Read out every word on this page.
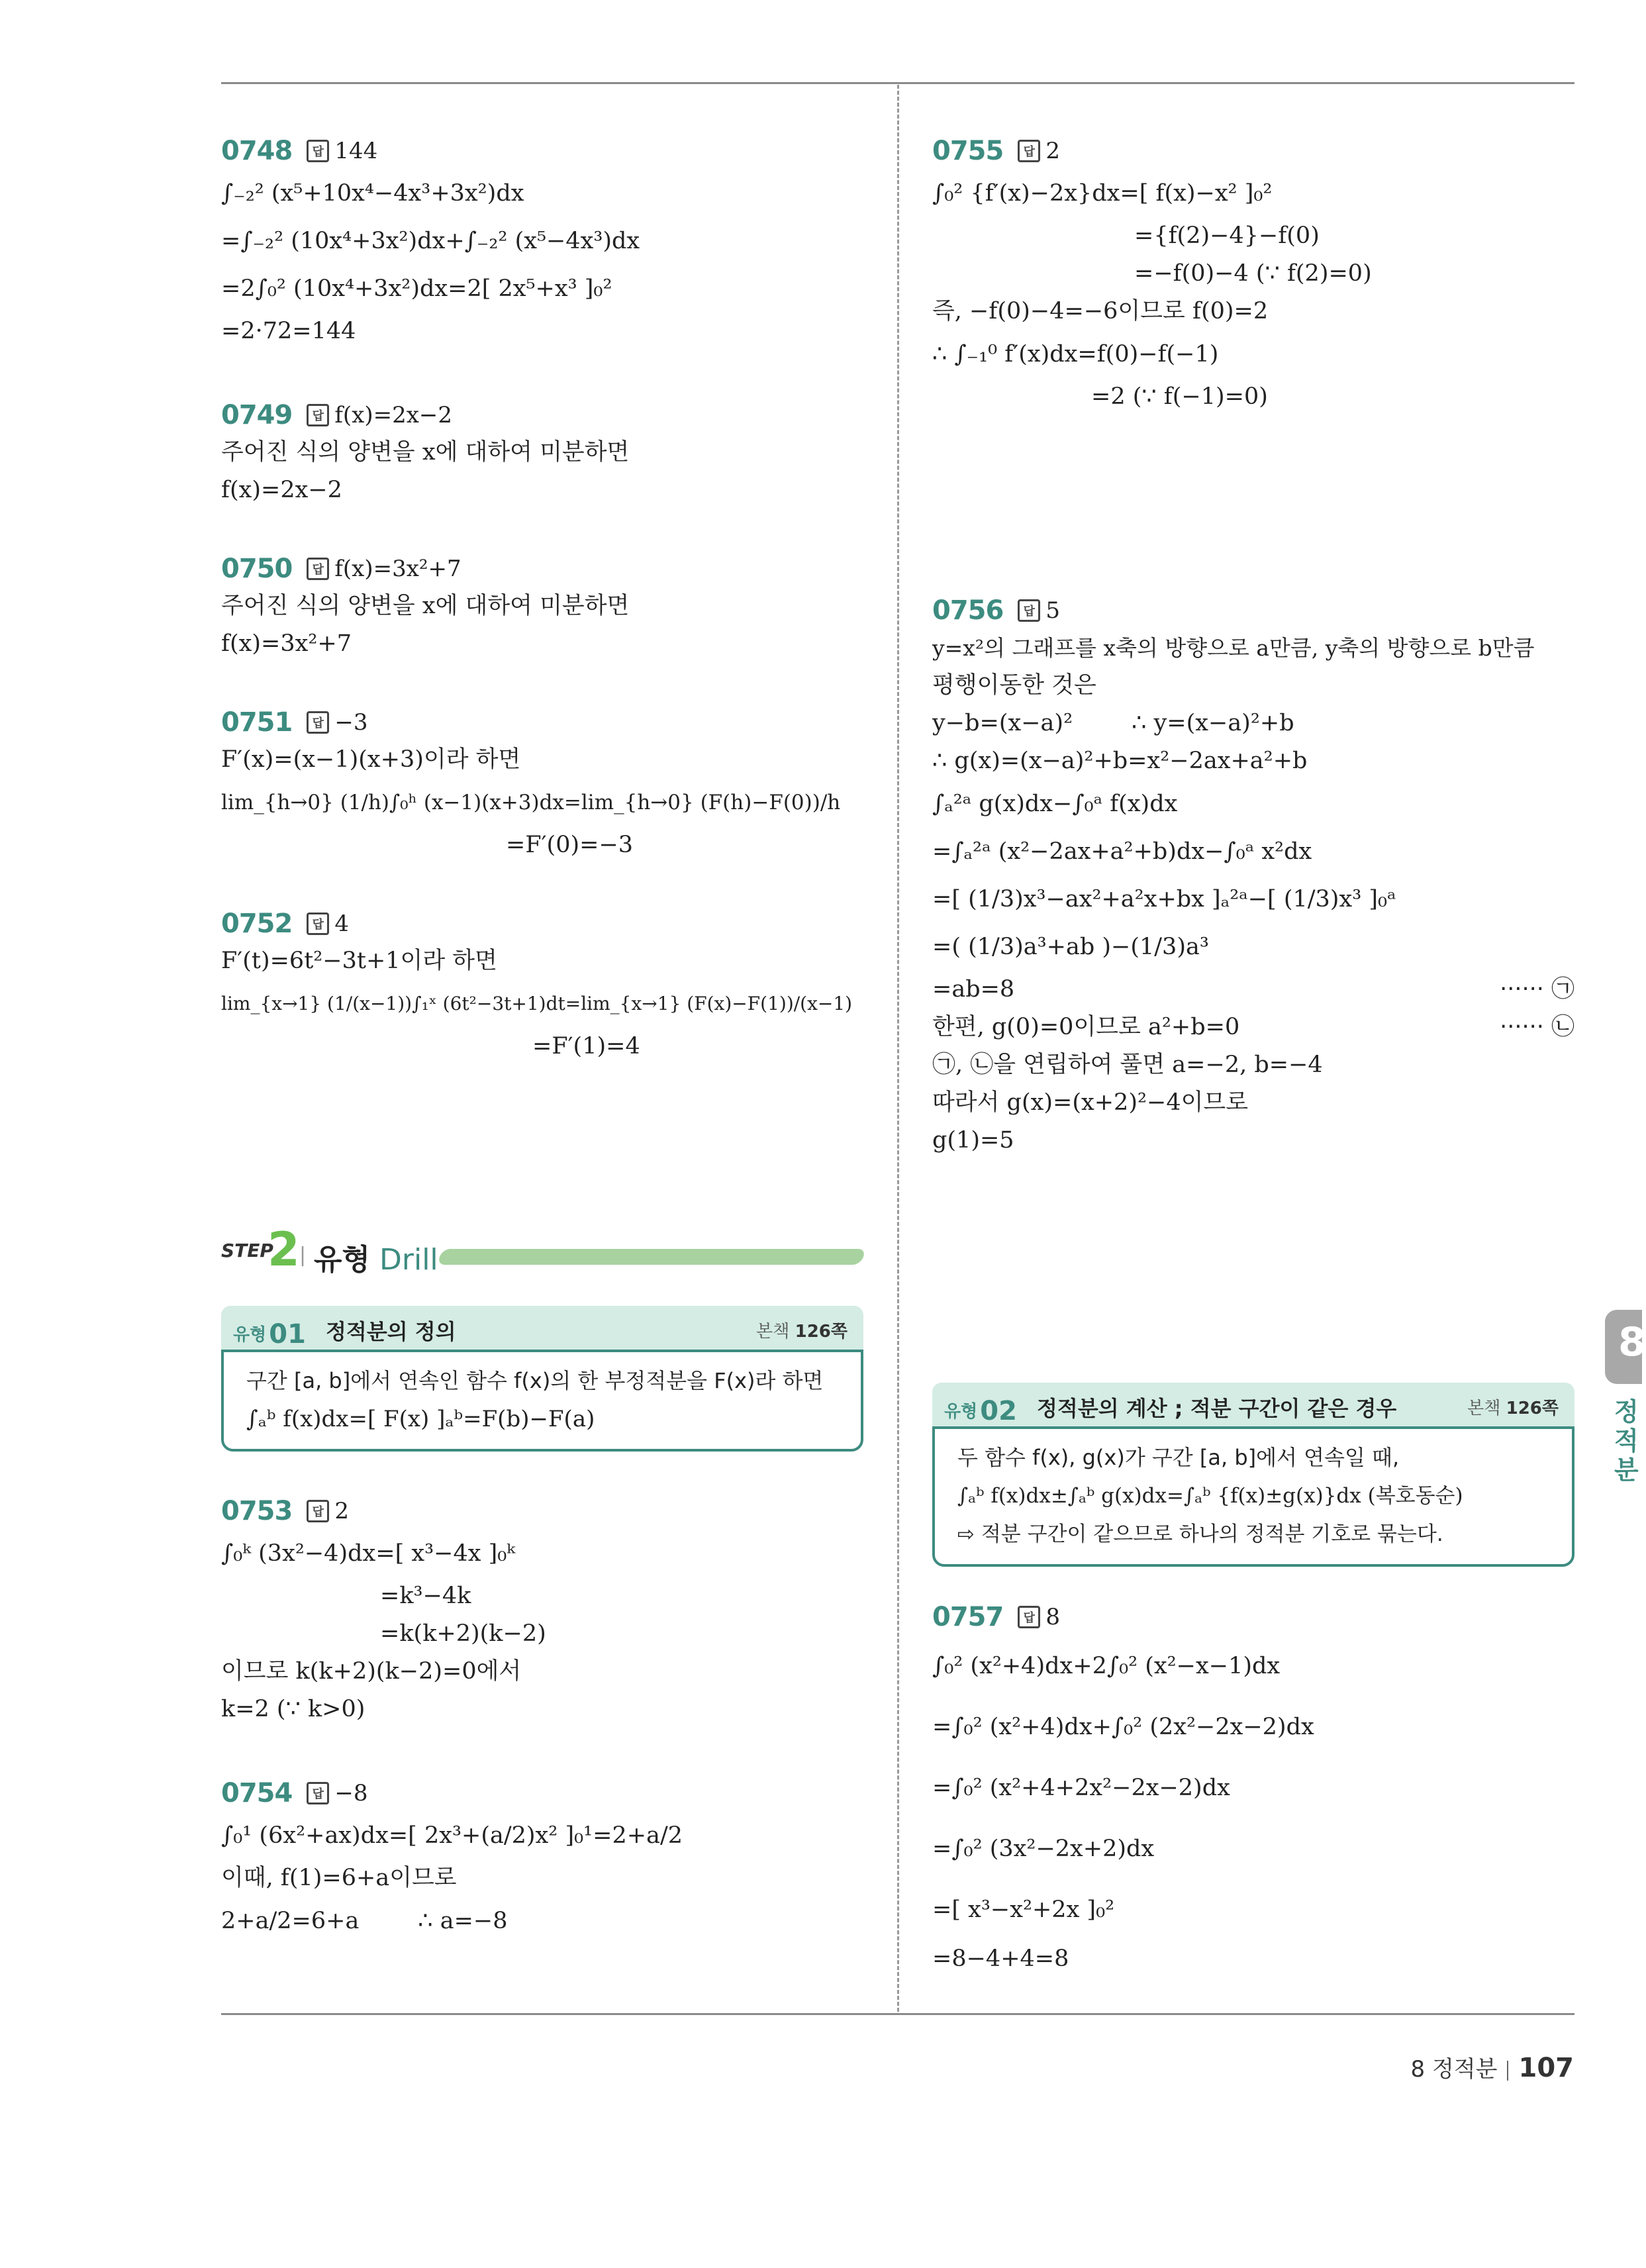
0748	답 144
∫₋₂² (x⁵+10x⁴−4x³+3x²)dx
=∫₋₂² (10x⁴+3x²)dx+∫₋₂² (x⁵−4x³)dx
=2∫₀² (10x⁴+3x²)dx=2[ 2x⁵+x³ ]₀²
=2·72=144
0749	답 f(x)=2x−2
주어진 식의 양변을 x에 대하여 미분하면
f(x)=2x−2
0750	답 f(x)=3x²+7
주어진 식의 양변을 x에 대하여 미분하면
f(x)=3x²+7
0751	답 −3
F′(x)=(x−1)(x+3)이라 하면
lim_{h→0} (1/h)∫₀ʰ (x−1)(x+3)dx=lim_{h→0} (F(h)−F(0))/h
=F′(0)=−3
0752	답 4
F′(t)=6t²−3t+1이라 하면
lim_{x→1} (1/(x−1))∫₁ˣ (6t²−3t+1)dt=lim_{x→1} (F(x)−F(1))/(x−1)
=F′(1)=4
STEP
2 | 유형 Drill
유형 01 정적분의 정의	본책 126쪽
구간 [a, b]에서 연속인 함수 f(x)의 한 부정적분을 F(x)라 하면
∫ₐᵇ f(x)dx=[ F(x) ]ₐᵇ=F(b)−F(a)
0753	답 2
∫₀ᵏ (3x²−4)dx=[ x³−4x ]₀ᵏ
=k³−4k
=k(k+2)(k−2)
이므로 k(k+2)(k−2)=0에서
k=2 (∵ k>0)
0754	답 −8
∫₀¹ (6x²+ax)dx=[ 2x³+(a/2)x² ]₀¹=2+a/2
이때, f(1)=6+a이므로
2+a/2=6+a        ∴ a=−8
0755	답 2
∫₀² {f′(x)−2x}dx=[ f(x)−x² ]₀²
={f(2)−4}−f(0)
=−f(0)−4 (∵ f(2)=0)
즉, −f(0)−4=−6이므로 f(0)=2
∴ ∫₋₁⁰ f′(x)dx=f(0)−f(−1)
=2 (∵ f(−1)=0)
0756	답 5
y=x²의 그래프를 x축의 방향으로 a만큼, y축의 방향으로 b만큼
평행이동한 것은
y−b=(x−a)²        ∴ y=(x−a)²+b
∴ g(x)=(x−a)²+b=x²−2ax+a²+b
∫ₐ²ᵃ g(x)dx−∫₀ᵃ f(x)dx
=∫ₐ²ᵃ (x²−2ax+a²+b)dx−∫₀ᵃ x²dx
=[ (1/3)x³−ax²+a²x+bx ]ₐ²ᵃ−[ (1/3)x³ ]₀ᵃ
=( (1/3)a³+ab )−(1/3)a³
=ab=8	······ ㉠
한편, g(0)=0이므로 a²+b=0	······ ㉡
㉠, ㉡을 연립하여 풀면 a=−2, b=−4
따라서 g(x)=(x+2)²−4이므로
g(1)=5
유형 02 정적분의 계산 ; 적분 구간이 같은 경우	본책 126쪽
두 함수 f(x), g(x)가 구간 [a, b]에서 연속일 때,
∫ₐᵇ f(x)dx±∫ₐᵇ g(x)dx=∫ₐᵇ {f(x)±g(x)}dx (복호동순)
⇨ 적분 구간이 같으므로 하나의 정적분 기호로 묶는다.
0757	답 8
∫₀² (x²+4)dx+2∫₀² (x²−x−1)dx
=∫₀² (x²+4)dx+∫₀² (2x²−2x−2)dx
=∫₀² (x²+4+2x²−2x−2)dx
=∫₀² (3x²−2x+2)dx
=[ x³−x²+2x ]₀²
=8−4+4=8
8
정적분
8 정적분 107
